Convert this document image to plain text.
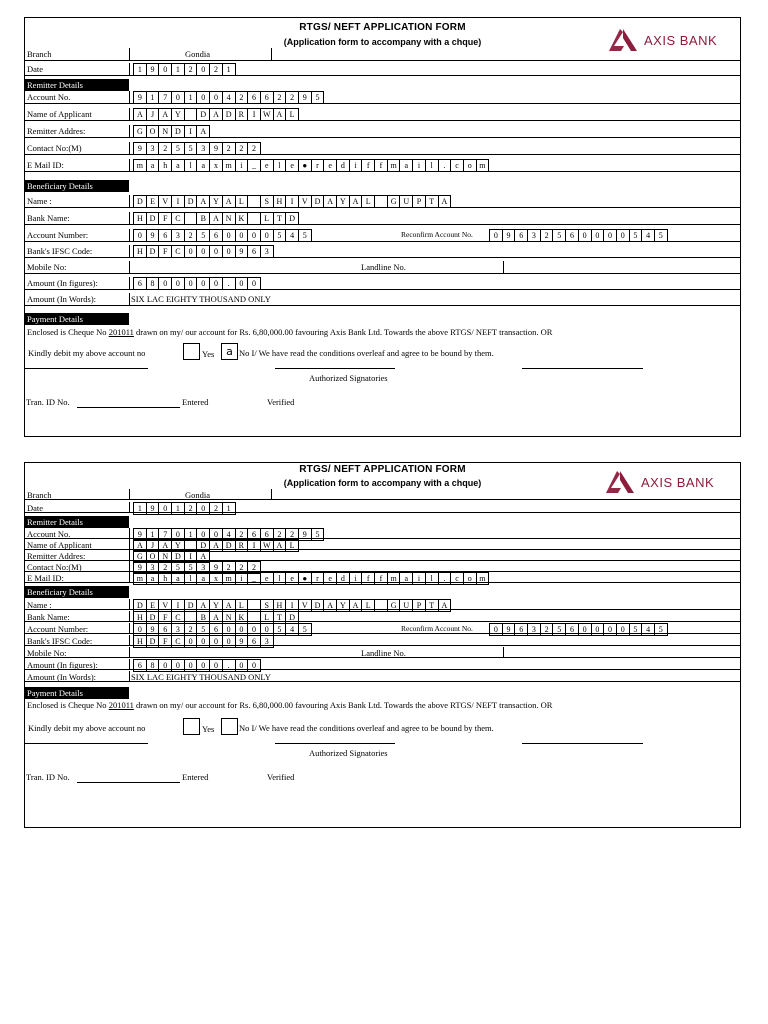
RTGS/ NEFT APPLICATION FORM
(Application form to accompany with a chque)	AXIS BANK
Branch	Gondia
Date	1	9	0	1	2	0	2	1
Remitter Details
Account No.	9	1	7	0	1	0	0	4	2	6	6	2	2	9	5
Name of Applicant	A	J	A Y	D A D R	I W A L
Remitter Addres:	G O N D	I	A
Contact No:(M)	9	3	2	5	5	3	9	2	2	2
E Mail ID:	m a	h	a	l	a	x m	i	_	e	l	e	●	r	e	d	i	f	f	m a	i	l	.	c	o m
Beneficiary Details
Name :	D E V	I	D A Y A L	S H	I	V D A Y A L	G U P	T A
Bank Name:	H D F C	B A N K	L T D
Account Number:	0	9	6	3	2	5	6	0	0	0	0	5	4	5	Reconfirm Account No.	0	9	6	3	2	5	6	0	0	0	0	5	4	5
Bank's IFSC Code:	H D F C	0	0	0	0	9	6	3
Mobile No:	Landline No.
Amount (In figures):	6	8	0	0	0	0	0	.	0	0
Amount (In Words):	SIX LAC EIGHTY THOUSAND ONLY
Payment Details
Enclosed is Cheque No 201011 drawn on my/ our account for Rs. 6,80,000.00 favouring Axis Bank Ltd. Towards the above RTGS/ NEFT transaction. OR
Kindly debit my above account no	Yes	a No I/ We have read the conditions overleaf and agree to be bound by them.
Authorized Signatories
Tran. ID No.	Entered	Verified
RTGS/ NEFT APPLICATION FORM
(Application form to accompany with a chque)	AXIS BANK
Branch	Gondia
Date	1	9	0	1	2	0	2	1
Remitter Details
Account No.	9	1	7	0	1	0	0	4	2	6	6	2	2	9	5
Name of Applicant	A	J	A Y	D A D R	I W A L
Remitter Addres:	G O N D	I	A
Contact No:(M)	9	3	2	5	5	3	9	2	2	2
E Mail ID:	m a	h	a	l	a	x m	i	_	e	l	e	●	r	e	d	i	f	f	m a	i	l	.	c	o m
Beneficiary Details
Name :	D E V	I	D A Y A L	S H	I	V D A Y A L	G U P	T A
Bank Name:	H D F C	B A N K	L T D
Account Number:	0	9	6	3	2	5	6	0	0	0	0	5	4	5	Reconfirm Account No.	0	9	6	3	2	5	6	0	0	0	0	5	4	5
Bank's IFSC Code:	H D F C	0	0	0	0	9	6	3
Mobile No:	Landline No.
Amount (In figures):	6	8	0	0	0	0	0	.	0	0
Amount (In Words):	SIX LAC EIGHTY THOUSAND ONLY
Payment Details
Enclosed is Cheque No 201011 drawn on my/ our account for Rs. 6,80,000.00 favouring Axis Bank Ltd. Towards the above RTGS/ NEFT transaction. OR
Kindly debit my above account no	Yes	No I/ We have read the conditions overleaf and agree to be bound by them.
Authorized Signatories
Tran. ID No.	Entered	Verified
